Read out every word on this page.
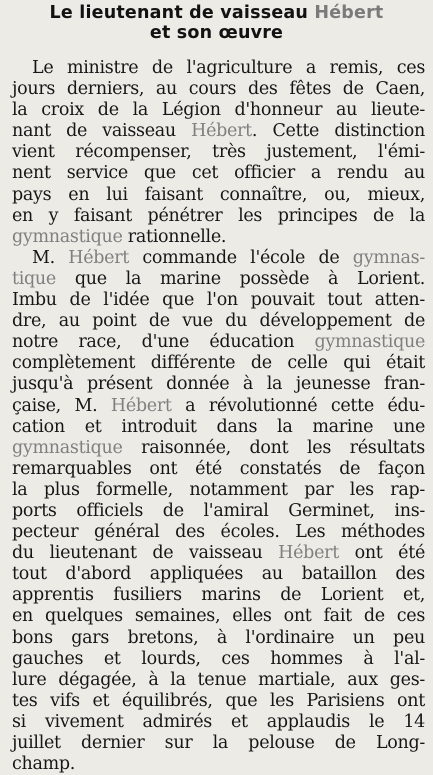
Le lieutenant de vaisseau Hébert
et son œuvre
Le ministre de l'agriculture a remis, ces
jours derniers, au cours des fêtes de Caen,
la croix de la Légion d'honneur au lieute-
nant de vaisseau Hébert. Cette distinction
vient récompenser, très justement, l'émi-
nent service que cet officier a rendu au
pays en lui faisant connaître, ou, mieux,
en y faisant pénétrer les principes de la
gymnastique rationnelle.
M. Hébert commande l'école de gymnas-
tique que la marine possède à Lorient.
Imbu de l'idée que l'on pouvait tout atten-
dre, au point de vue du développement de
notre race, d'une éducation gymnastique
complètement différente de celle qui était
jusqu'à présent donnée à la jeunesse fran-
çaise, M. Hébert a révolutionné cette édu-
cation et introduit dans la marine une
gymnastique raisonnée, dont les résultats
remarquables ont été constatés de façon
la plus formelle, notamment par les rap-
ports officiels de l'amiral Germinet, ins-
pecteur général des écoles. Les méthodes
du lieutenant de vaisseau Hébert ont été
tout d'abord appliquées au bataillon des
apprentis fusiliers marins de Lorient et,
en quelques semaines, elles ont fait de ces
bons gars bretons, à l'ordinaire un peu
gauches et lourds, ces hommes à l'al-
lure dégagée, à la tenue martiale, aux ges-
tes vifs et équilibrés, que les Parisiens ont
si vivement admirés et applaudis le 14
juillet dernier sur la pelouse de Long-
champ.
